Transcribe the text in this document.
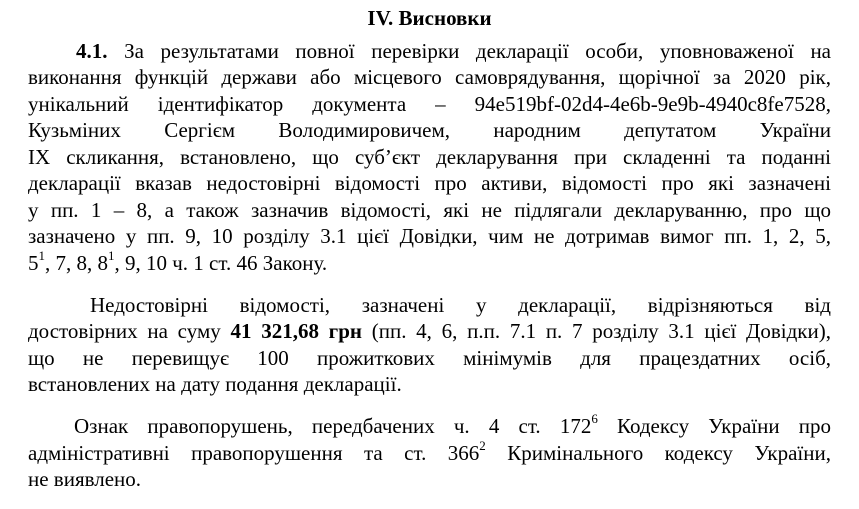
IV. Висновки
4.1. За результатами повної перевірки декларації особи, уповноваженої на
виконання функцій держави або місцевого самоврядування, щорічної за 2020 рік,
унікальний ідентифікатор документа – 94e519bf-02d4-4e6b-9e9b-4940c8fe7528,
Кузьміних Сергієм Володимировичем, народним депутатом України
IX скликання, встановлено, що суб’єкт декларування при складенні та поданні
декларації вказав недостовірні відомості про активи, відомості про які зазначені
у пп. 1 – 8, а також зазначив відомості, які не підлягали декларуванню, про що
зазначено у пп. 9, 10 розділу 3.1 цієї Довідки, чим не дотримав вимог пп. 1, 2, 5,
$5^1$, 7, 8, $8^1$, 9, 10 ч. 1 ст. 46 Закону.
Недостовірні відомості, зазначені у декларації, відрізняються від
достовірних на суму 41 321,68 грн (пп. 4, 6, п.п. 7.1 п. 7 розділу 3.1 цієї Довідки),
що не перевищує 100 прожиткових мінімумів для працездатних осіб,
встановлених на дату подання декларації.
Ознак правопорушень, передбачених ч. 4 ст. $172^6$ Кодексу України про
адміністративні правопорушення та ст. $366^2$ Кримінального кодексу України,
не виявлено.
